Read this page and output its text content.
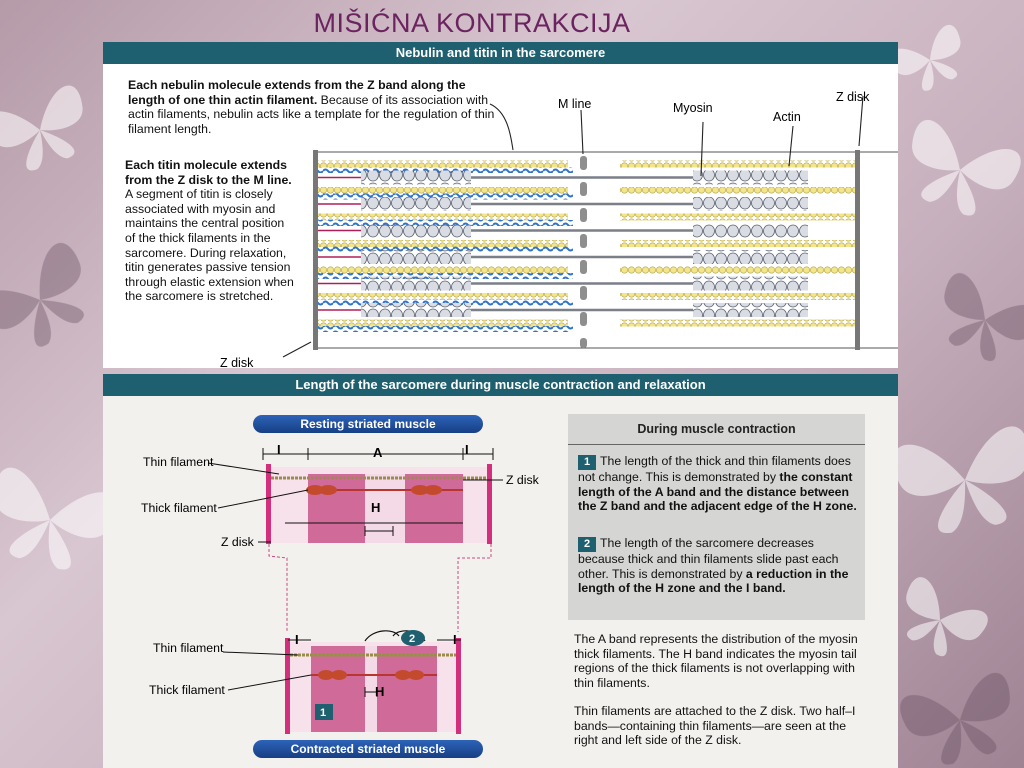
MIŠIĆNA KONTRAKCIJA
Nebulin and titin in the sarcomere
Each nebulin molecule extends from the Z band along the length of one thin actin filament. Because of its association with actin filaments, nebulin acts like a template for the regulation of thin filament length.
Each titin molecule extends from the Z disk to the M line. A segment of titin is closely associated with myosin and maintains the central position of the thick filaments in the sarcomere. During relaxation, titin generates passive tension through elastic extension when the sarcomere is stretched.
M line	Myosin
Actin
Z disk
Z disk
Length of the sarcomere during muscle contraction and relaxation
Resting striated muscle
Contracted striated muscle
I	A	I
H
Thin filament
Thick filament
Z disk
Z disk
I	I
H
2
1
Thin filament
Thick filament
During muscle contraction
1 The length of the thick and thin filaments does not change. This is demonstrated by the constant length of the A band and the distance between the Z band and the adjacent edge of the H zone.
2 The length of the sarcomere decreases because thick and thin filaments slide past each other. This is demonstrated by a reduction in the length of the H zone and the I band.
The A band represents the distribution of the myosin thick filaments. The H band indicates the myosin tail regions of the thick filaments is not overlapping with thin filaments.
Thin filaments are attached to the Z disk. Two half–I bands—containing thin filaments—are seen at the right and left side of the Z disk.
